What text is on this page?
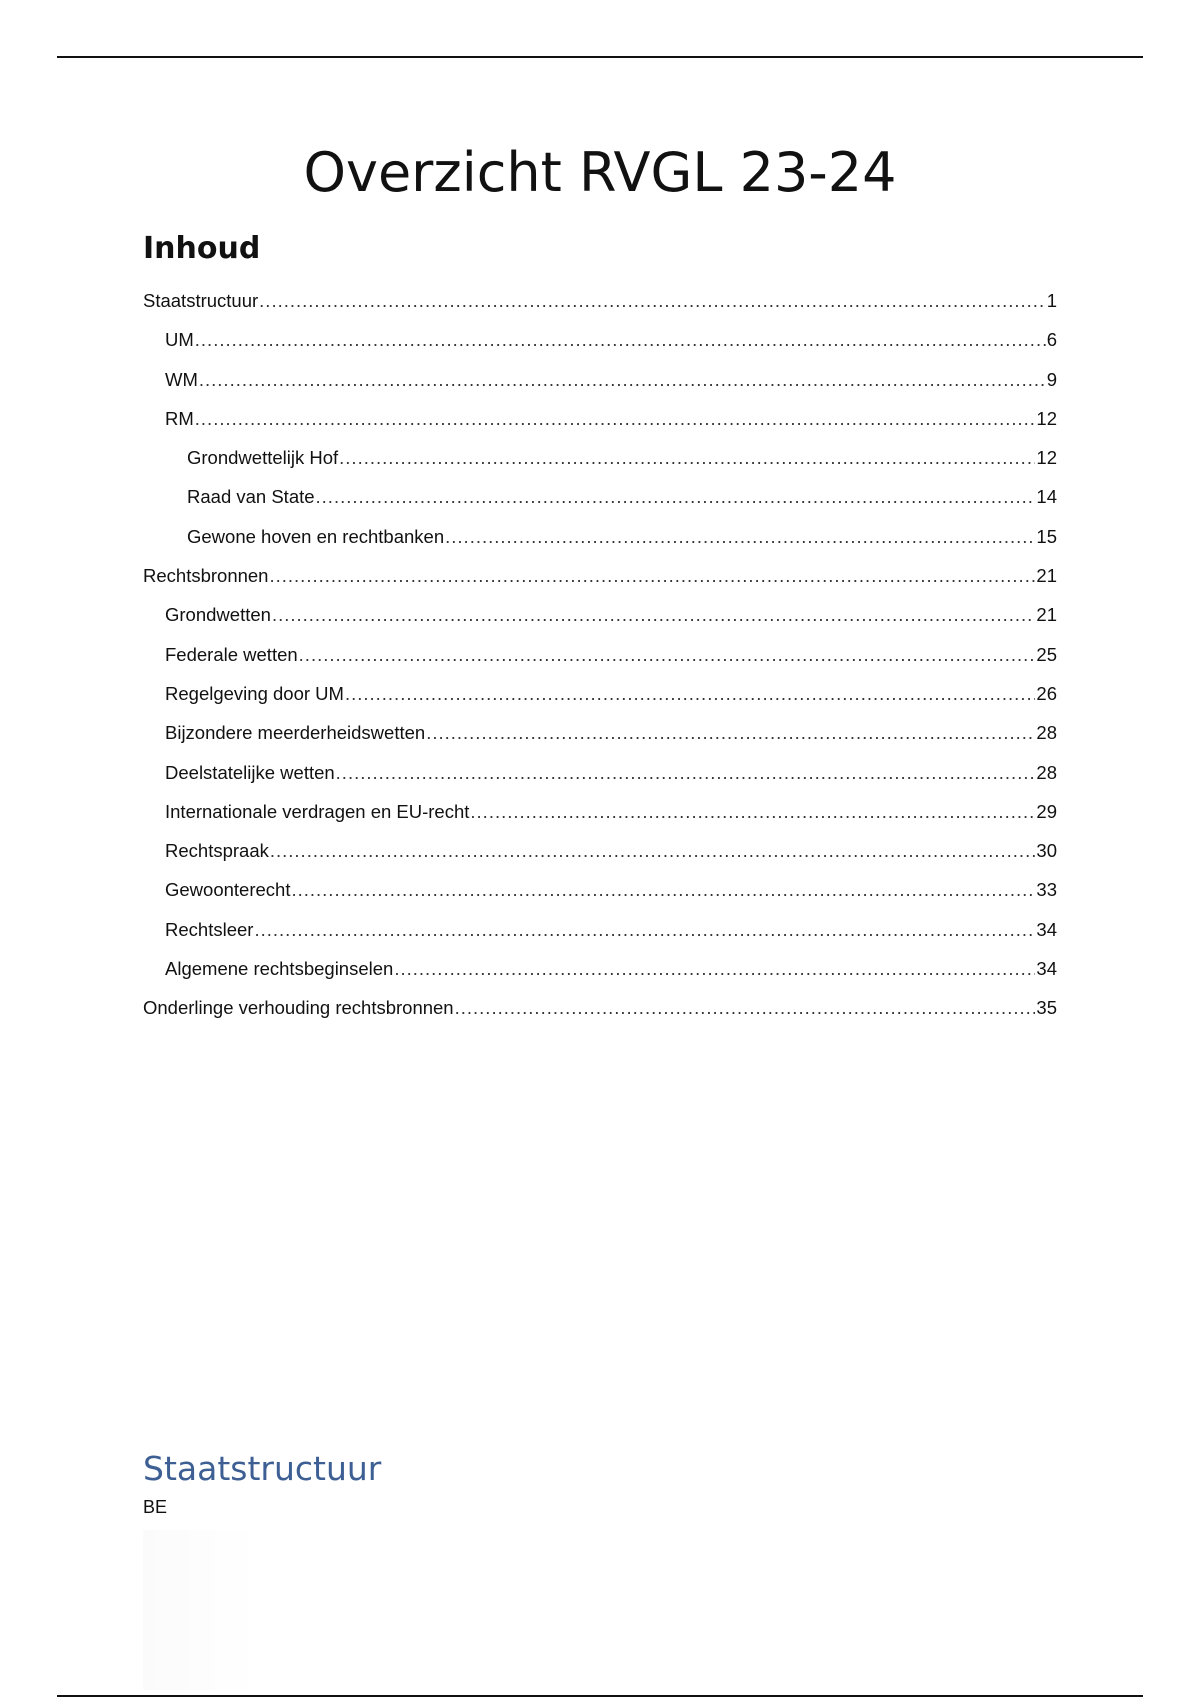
Overzicht RVGL 23-24
Inhoud
Staatstructuur .....	1
UM .....	6
WM .....	9
RM .....	12
Grondwettelijk Hof .....	12
Raad van State .....	14
Gewone hoven en rechtbanken .....	15
Rechtsbronnen .....	21
Grondwetten .....	21
Federale wetten .....	25
Regelgeving door UM .....	26
Bijzondere meerderheidswetten .....	28
Deelstatelijke wetten .....	28
Internationale verdragen en EU-recht .....	29
Rechtspraak .....	30
Gewoonterecht .....	33
Rechtsleer .....	34
Algemene rechtsbeginselen .....	34
Onderlinge verhouding rechtsbronnen .....	35
Staatstructuur

BE
